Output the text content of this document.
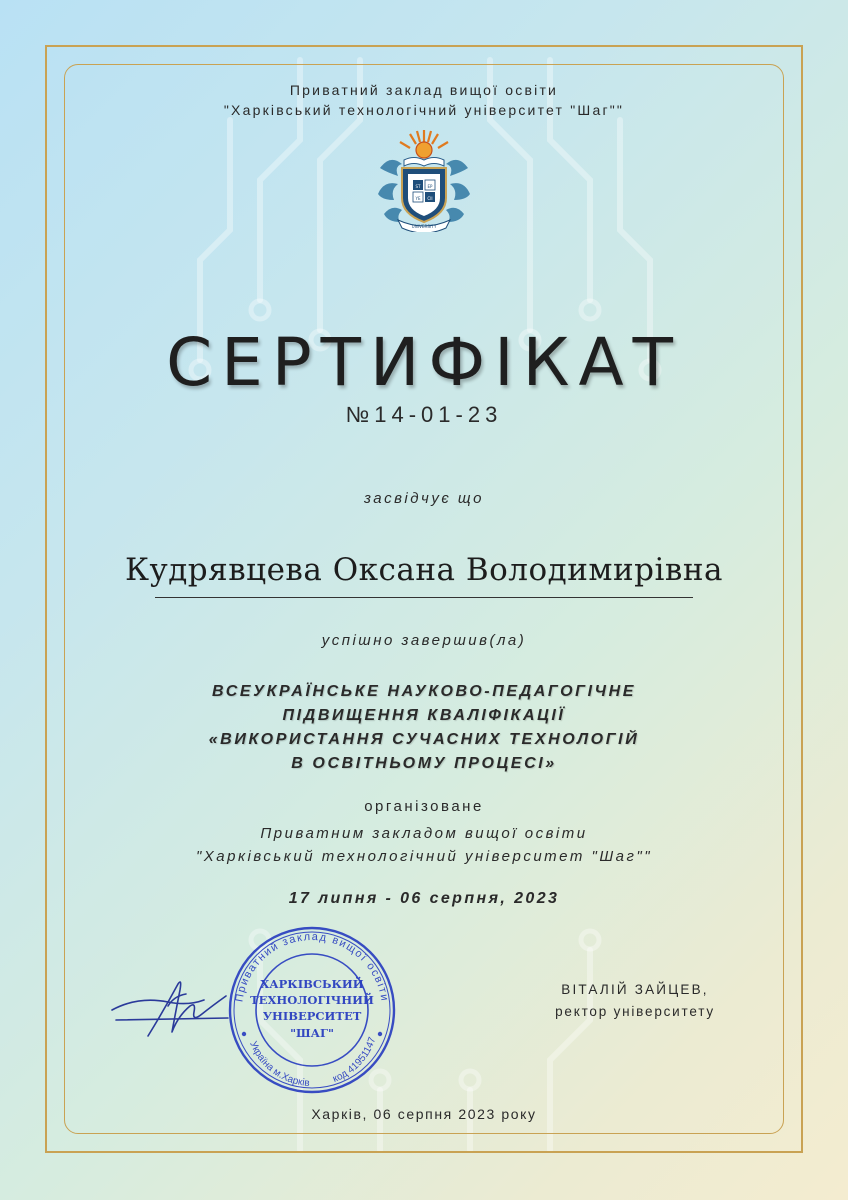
Приватний заклад вищої освіти
"Харківський технологічний університет "Шаг""
ST EP
YE CII
UNIVERSITY
СЕРТИФІКАТ
№14-01-23
засвідчує що
Кудрявцева Оксана Володимирівна
успішно завершив(ла)
ВСЕУКРАЇНСЬКЕ НАУКОВО-ПЕДАГОГІЧНЕ
ПІДВИЩЕННЯ КВАЛІФІКАЦІЇ
«ВИКОРИСТАННЯ СУЧАСНИХ ТЕХНОЛОГІЙ
В ОСВІТНЬОМУ ПРОЦЕСІ»
організоване
Приватним закладом вищої освіти
"Харківський технологічний університет "Шаг""
17 липня - 06 серпня, 2023
Приватний заклад вищої освіти
Україна м.Харків код 41951147
ХАРКІВСЬКИЙ
ТЕХНОЛОГІЧНИЙ
УНІВЕРСИТЕТ
"ШАГ"
ВІТАЛІЙ ЗАЙЦЕВ,
ректор університету
Харків, 06 серпня 2023 року
